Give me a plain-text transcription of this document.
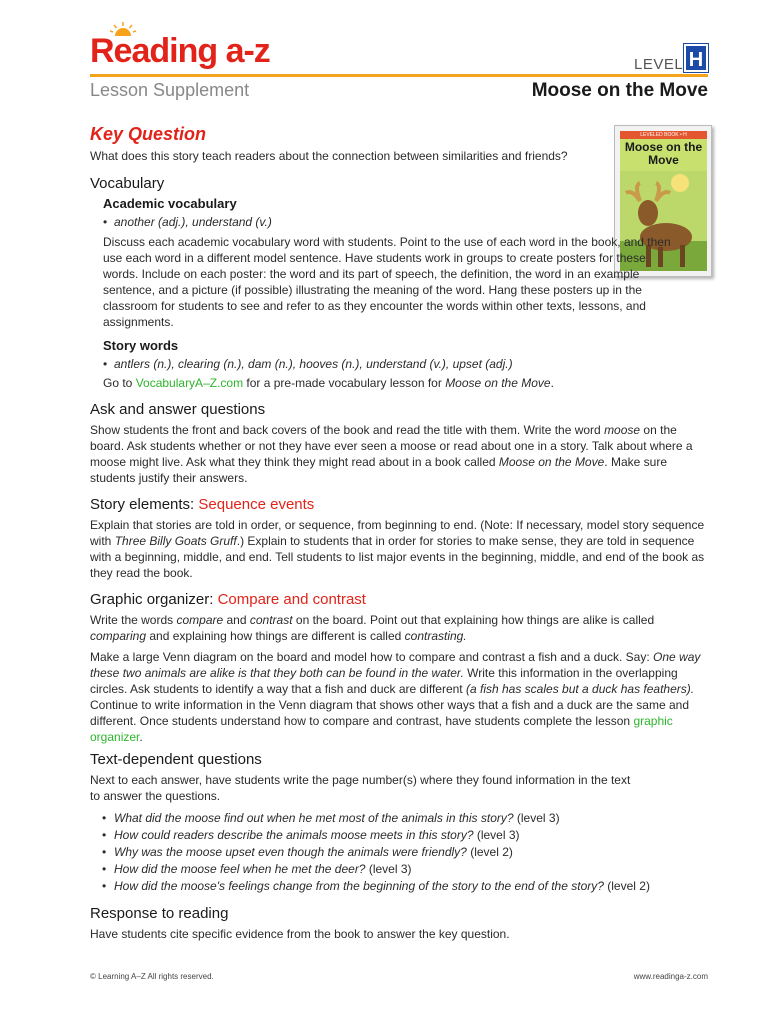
Reading a-z	LEVEL H
Lesson Supplement	Moose on the Move
LEVELED BOOK • H
Moose on the Move
Key Question

What does this story teach readers about the connection between similarities and friends?

Vocabulary
Academic vocabulary
• another (adj.), understand (v.)

Discuss each academic vocabulary word with students. Point to the use of each word in the book, and then use each word in a different model sentence. Have students work in groups to create posters for these words. Include on each poster: the word and its part of speech, the definition, the word in an example sentence, and a picture (if possible) illustrating the meaning of the word. Hang these posters up in the classroom for students to see and refer to as they encounter the words within other texts, lessons, and assignments.

Story words
• antlers (n.), clearing (n.), dam (n.), hooves (n.), understand (v.), upset (adj.)

Go to VocabularyA–Z.com for a pre-made vocabulary lesson for Moose on the Move.

Ask and answer questions

Show students the front and back covers of the book and read the title with them. Write the word moose on the board. Ask students whether or not they have ever seen a moose or read about one in a story. Talk about where a moose might live. Ask what they think they might read about in a book called Moose on the Move. Make sure students justify their answers.

Story elements: Sequence events

Explain that stories are told in order, or sequence, from beginning to end. (Note: If necessary, model story sequence with Three Billy Goats Gruff.) Explain to students that in order for stories to make sense, they are told in sequence with a beginning, middle, and end. Tell students to list major events in the beginning, middle, and end of the book as they read the book.

Graphic organizer: Compare and contrast

Write the words compare and contrast on the board. Point out that explaining how things are alike is called comparing and explaining how things are different is called contrasting.

Make a large Venn diagram on the board and model how to compare and contrast a fish and a duck. Say: One way these two animals are alike is that they both can be found in the water. Write this information in the overlapping circles. Ask students to identify a way that a fish and duck are different (a fish has scales but a duck has feathers). Continue to write information in the Venn diagram that shows other ways that a fish and a duck are the same and different. Once students understand how to compare and contrast, have students complete the lesson graphic organizer.

Text-dependent questions

Next to each answer, have students write the page number(s) where they found information in the text to answer the questions.

• What did the moose find out when he met most of the animals in this story? (level 3)
• How could readers describe the animals moose meets in this story? (level 3)
• Why was the moose upset even though the animals were friendly? (level 2)
• How did the moose feel when he met the deer? (level 3)
• How did the moose's feelings change from the beginning of the story to the end of the story? (level 2)
Response to reading

Have students cite specific evidence from the book to answer the key question.

© Learning A–Z All rights reserved.	www.readinga-z.com
